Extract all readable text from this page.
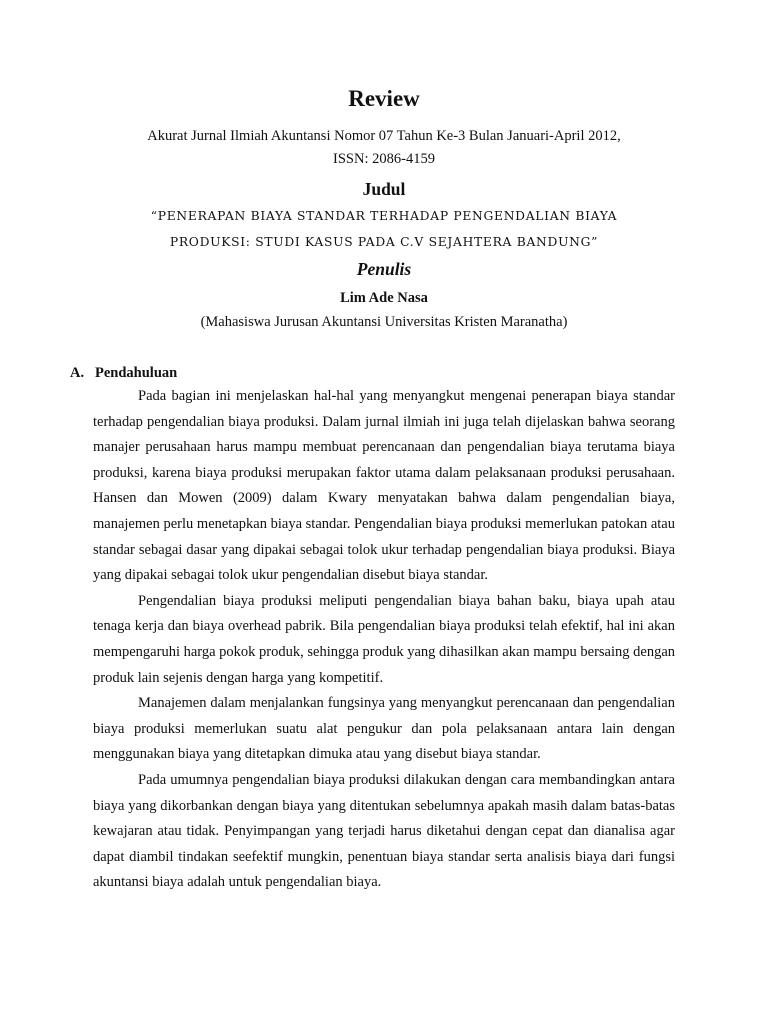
Review
Akurat Jurnal Ilmiah Akuntansi Nomor 07 Tahun Ke-3 Bulan Januari-April 2012,
ISSN: 2086-4159
Judul
“PENERAPAN BIAYA STANDAR TERHADAP PENGENDALIAN BIAYA
PRODUKSI: STUDI KASUS PADA C.V SEJAHTERA BANDUNG”
Penulis
Lim Ade Nasa
(Mahasiswa Jurusan Akuntansi Universitas Kristen Maranatha)
A. Pendahuluan

Pada bagian ini menjelaskan hal-hal yang menyangkut mengenai penerapan biaya standar terhadap pengendalian biaya produksi. Dalam jurnal ilmiah ini juga telah dijelaskan bahwa seorang manajer perusahaan harus mampu membuat perencanaan dan pengendalian biaya terutama biaya produksi, karena biaya produksi merupakan faktor utama dalam pelaksanaan produksi perusahaan. Hansen dan Mowen (2009) dalam Kwary menyatakan bahwa dalam pengendalian biaya, manajemen perlu menetapkan biaya standar. Pengendalian biaya produksi memerlukan patokan atau standar sebagai dasar yang dipakai sebagai tolok ukur terhadap pengendalian biaya produksi. Biaya yang dipakai sebagai tolok ukur pengendalian disebut biaya standar.

Pengendalian biaya produksi meliputi pengendalian biaya bahan baku, biaya upah atau tenaga kerja dan biaya overhead pabrik. Bila pengendalian biaya produksi telah efektif, hal ini akan mempengaruhi harga pokok produk, sehingga produk yang dihasilkan akan mampu bersaing dengan produk lain sejenis dengan harga yang kompetitif.

Manajemen dalam menjalankan fungsinya yang menyangkut perencanaan dan pengendalian biaya produksi memerlukan suatu alat pengukur dan pola pelaksanaan antara lain dengan menggunakan biaya yang ditetapkan dimuka atau yang disebut biaya standar.

Pada umumnya pengendalian biaya produksi dilakukan dengan cara membandingkan antara biaya yang dikorbankan dengan biaya yang ditentukan sebelumnya apakah masih dalam batas-batas kewajaran atau tidak. Penyimpangan yang terjadi harus diketahui dengan cepat dan dianalisa agar dapat diambil tindakan seefektif mungkin, penentuan biaya standar serta analisis biaya dari fungsi akuntansi biaya adalah untuk pengendalian biaya.
